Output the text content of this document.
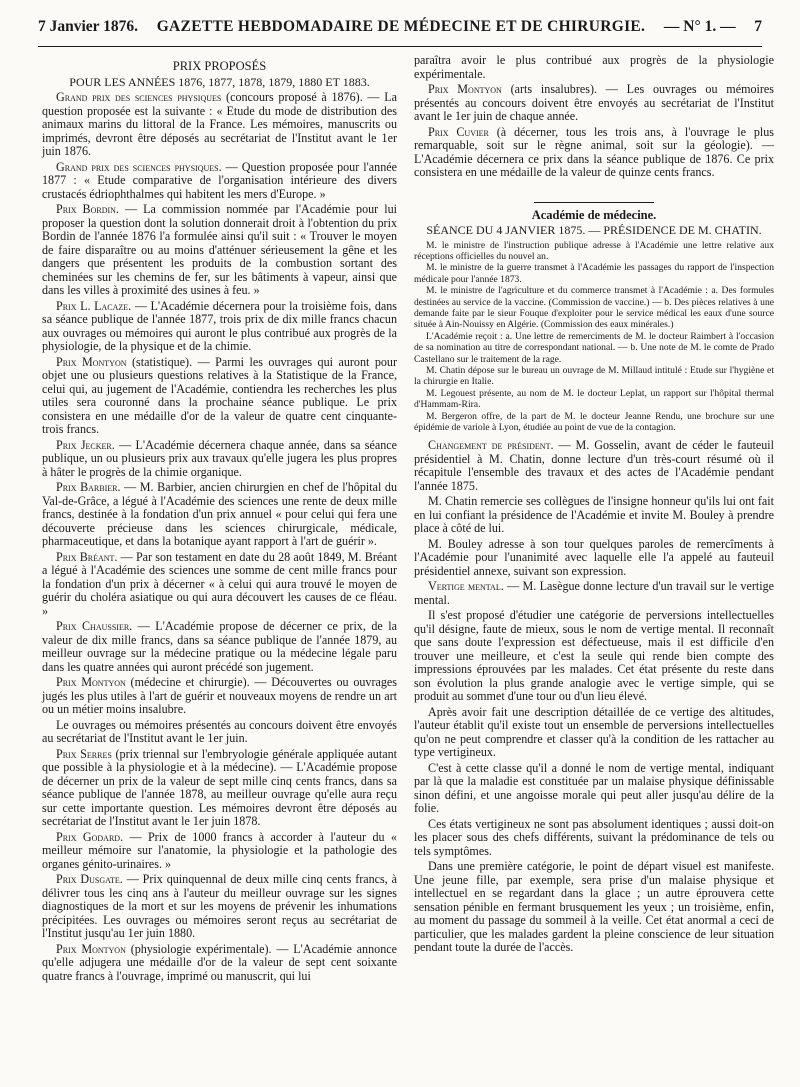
7 Janvier 1876. GAZETTE HEBDOMADAIRE DE MÉDECINE ET DE CHIRURGIE. — N° 1. — 7

PRIX PROPOSÉS

POUR LES ANNÉES 1876, 1877, 1878, 1879, 1880 ET 1883.

Grand prix des sciences physiques (concours proposé à 1876). — La question proposée est la suivante : « Etude du mode de distribution des animaux marins du littoral de la France. Les mémoires, manuscrits ou imprimés, devront être déposés au secrétariat de l'Institut avant le 1er juin 1876.

Grand prix des sciences physiques. — Question proposée pour l'année 1877 : « Etude comparative de l'organisation intérieure des divers crustacés édriophthalmes qui habitent les mers d'Europe. »

Prix Bordin. — La commission nommée par l'Académie pour lui proposer la question dont la solution donnerait droit à l'obtention du prix Bordin de l'année 1876 l'a formulée ainsi qu'il suit : « Trouver le moyen de faire disparaître ou au moins d'atténuer sérieusement la gêne et les dangers que présentent les produits de la combustion sortant des cheminées sur les chemins de fer, sur les bâtiments à vapeur, ainsi que dans les villes à proximité des usines à feu. »

Prix L. Lacaze. — L'Académie décernera pour la troisième fois, dans sa séance publique de l'année 1877, trois prix de dix mille francs chacun aux ouvrages ou mémoires qui auront le plus contribué aux progrès de la physiologie, de la physique et de la chimie.

Prix Montyon (statistique). — Parmi les ouvrages qui auront pour objet une ou plusieurs questions relatives à la Statistique de la France, celui qui, au jugement de l'Académie, contiendra les recherches les plus utiles sera couronné dans la prochaine séance publique. Le prix consistera en une médaille d'or de la valeur de quatre cent cinquante-trois francs.

Prix Jecker. — L'Académie décernera chaque année, dans sa séance publique, un ou plusieurs prix aux travaux qu'elle jugera les plus propres à hâter le progrès de la chimie organique.

Prix Barbier. — M. Barbier, ancien chirurgien en chef de l'hôpital du Val-de-Grâce, a légué à l'Académie des sciences une rente de deux mille francs, destinée à la fondation d'un prix annuel « pour celui qui fera une découverte précieuse dans les sciences chirurgicale, médicale, pharmaceutique, et dans la botanique ayant rapport à l'art de guérir ».

Prix Bréant. — Par son testament en date du 28 août 1849, M. Bréant a légué à l'Académie des sciences une somme de cent mille francs pour la fondation d'un prix à décerner « à celui qui aura trouvé le moyen de guérir du choléra asiatique ou qui aura découvert les causes de ce fléau. »

Prix Chaussier. — L'Académie propose de décerner ce prix, de la valeur de dix mille francs, dans sa séance publique de l'année 1879, au meilleur ouvrage sur la médecine pratique ou la médecine légale paru dans les quatre années qui auront précédé son jugement.

Prix Montyon (médecine et chirurgie). — Découvertes ou ouvrages jugés les plus utiles à l'art de guérir et nouveaux moyens de rendre un art ou un métier moins insalubre.

Le ouvrages ou mémoires présentés au concours doivent être envoyés au secrétariat de l'Institut avant le 1er juin.

Prix Serres (prix triennal sur l'embryologie générale appliquée autant que possible à la physiologie et à la médecine). — L'Académie propose de décerner un prix de la valeur de sept mille cinq cents francs, dans sa séance publique de l'année 1878, au meilleur ouvrage qu'elle aura reçu sur cette importante question. Les mémoires devront être déposés au secrétariat de l'Institut avant le 1er juin 1878.

Prix Godard. — Prix de 1000 francs à accorder à l'auteur du « meilleur mémoire sur l'anatomie, la physiologie et la pathologie des organes génito-urinaires. »

Prix Dusgate. — Prix quinquennal de deux mille cinq cents francs, à délivrer tous les cinq ans à l'auteur du meilleur ouvrage sur les signes diagnostiques de la mort et sur les moyens de prévenir les inhumations précipitées. Les ouvrages ou mémoires seront reçus au secrétariat de l'Institut jusqu'au 1er juin 1880.

Prix Montyon (physiologie expérimentale). — L'Académie annonce qu'elle adjugera une médaille d'or de la valeur de sept cent soixante quatre francs à l'ouvrage, imprimé ou manuscrit, qui lui

paraîtra avoir le plus contribué aux progrès de la physiologie expérimentale.

Prix Montyon (arts insalubres). — Les ouvrages ou mémoires présentés au concours doivent être envoyés au secrétariat de l'Institut avant le 1er juin de chaque année.

Prix Cuvier (à décerner, tous les trois ans, à l'ouvrage le plus remarquable, soit sur le règne animal, soit sur la géologie). — L'Académie décernera ce prix dans la séance publique de 1876. Ce prix consistera en une médaille de la valeur de quinze cents francs.

Académie de médecine.

SÉANCE DU 4 JANVIER 1875. — PRÉSIDENCE DE M. CHATIN.

M. le ministre de l'instruction publique adresse à l'Académie une lettre relative aux réceptions officielles du nouvel an.

M. le ministre de la guerre transmet à l'Académie les passages du rapport de l'inspection médicale pour l'année 1873.

M. le ministre de l'agriculture et du commerce transmet à l'Académie : a. Des formules destinées au service de la vaccine. (Commission de vaccine.) — b. Des pièces relatives à une demande faite par le sieur Fouque d'exploiter pour le service médical les eaux d'une source située à Ain-Nouissy en Algérie. (Commission des eaux minérales.)

L'Académie reçoit : a. Une lettre de remerciments de M. le docteur Raimbert à l'occasion de sa nomination au titre de correspondant national. — b. Une note de M. le comte de Prado Castellano sur le traitement de la rage.

M. Chatin dépose sur le bureau un ouvrage de M. Millaud intitulé : Etude sur l'hygiène et la chirurgie en Italie.

M. Legouest présente, au nom de M. le docteur Leplat, un rapport sur l'hôpital thermal d'Hammam-Rira.

M. Bergeron offre, de la part de M. le docteur Jeanne Rendu, une brochure sur une épidémie de variole à Lyon, étudiée au point de vue de la contagion.

Changement de président. — M. Gosselin, avant de céder le fauteuil présidentiel à M. Chatin, donne lecture d'un très-court résumé où il récapitule l'ensemble des travaux et des actes de l'Académie pendant l'année 1875.

M. Chatin remercie ses collègues de l'insigne honneur qu'ils lui ont fait en lui confiant la présidence de l'Académie et invite M. Bouley à prendre place à côté de lui.

M. Bouley adresse à son tour quelques paroles de remercîments à l'Académie pour l'unanimité avec laquelle elle l'a appelé au fauteuil présidentiel annexe, suivant son expression.

Vertige mental. — M. Lasègue donne lecture d'un travail sur le vertige mental.

Il s'est proposé d'étudier une catégorie de perversions intellectuelles qu'il désigne, faute de mieux, sous le nom de vertige mental. Il reconnaît que sans doute l'expression est défectueuse, mais il est difficile d'en trouver une meilleure, et c'est la seule qui rende bien compte des impressions éprouvées par les malades. Cet état présente du reste dans son évolution la plus grande analogie avec le vertige simple, qui se produit au sommet d'une tour ou d'un lieu élevé.

Après avoir fait une description détaillée de ce vertige des altitudes, l'auteur établit qu'il existe tout un ensemble de perversions intellectuelles qu'on ne peut comprendre et classer qu'à la condition de les rattacher au type vertigineux.

C'est à cette classe qu'il a donné le nom de vertige mental, indiquant par là que la maladie est constituée par un malaise physique définissable sinon défini, et une angoisse morale qui peut aller jusqu'au délire de la folie.

Ces états vertigineux ne sont pas absolument identiques ; aussi doit-on les placer sous des chefs différents, suivant la prédominance de tels ou tels symptômes.

Dans une première catégorie, le point de départ visuel est manifeste. Une jeune fille, par exemple, sera prise d'un malaise physique et intellectuel en se regardant dans la glace ; un autre éprouvera cette sensation pénible en fermant brusquement les yeux ; un troisième, enfin, au moment du passage du sommeil à la veille. Cet état anormal a ceci de particulier, que les malades gardent la pleine conscience de leur situation pendant toute la durée de l'accès.
